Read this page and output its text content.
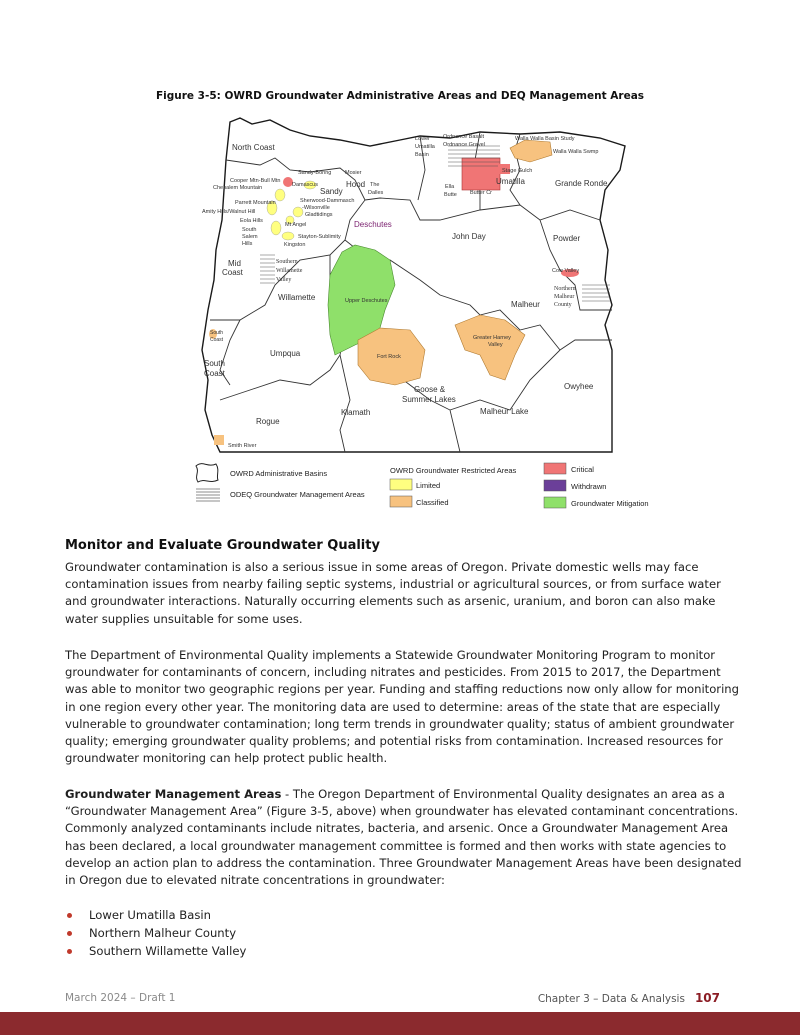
Figure 3-5: OWRD Groundwater Administrative Areas and DEQ Management Areas
North Coast
Lower
Umatilla
Basin
Ordnance Basalt
Ordnance Gravel
Walla Walla Basin Study
Walla Walla Swmp
Sandy-Boring Mosier
Cooper Mtn-Bull Mtn
Damascus
Chehalem Mountain	Sandy
Hood The
Dalles
Stage Gulch
Ella
Butte Butter Cr
Umatilla	Grande Ronde
Parrett Mountain	Sherwood-Dammasch
-Wilsonville
Amity Hills/Walnut Hill	Gladtidings
Eola Hills
Mt Angel	Deschutes
South
Salem
Hills
Stayton-Sublimity
Kingston
John Day	Powder
Mid
Coast
Southern
Willamette
Valley
Cow Valley
Willamette	Upper Deschutes
Northern
Malheur
County
Malheur
South
Coast	Greater Harney
Valley
Umpqua	Fort Rock
South
Coast
Owyhee
Goose &
Summer Lakes
Klamath	Malheur Lake
Rogue
Smith River
OWRD Administrative Basins
ODEQ Groundwater Management Areas
OWRD Groundwater Restricted Areas
Limited
Classified
Critical
Withdrawn
Groundwater Mitigation
Monitor and Evaluate Groundwater Quality
Groundwater contamination is also a serious issue in some areas of Oregon. Private domestic wells may face contamination issues from nearby failing septic systems, industrial or agricultural sources, or from surface water and groundwater interactions. Naturally occurring elements such as arsenic, uranium, and boron can also make water supplies unsuitable for some uses.
The Department of Environmental Quality implements a Statewide Groundwater Monitoring Program to monitor groundwater for contaminants of concern, including nitrates and pesticides. From 2015 to 2017, the Department was able to monitor two geographic regions per year. Funding and staffing reductions now only allow for monitoring in one region every other year. The monitoring data are used to determine: areas of the state that are especially vulnerable to groundwater contamination; long term trends in groundwater quality; status of ambient groundwater quality; emerging groundwater quality problems; and potential risks from contamination. Increased resources for groundwater monitoring can help protect public health.
Groundwater Management Areas - The Oregon Department of Environmental Quality designates an area as a “Groundwater Management Area” (Figure 3-5, above) when groundwater has elevated contaminant concentrations. Commonly analyzed contaminants include nitrates, bacteria, and arsenic. Once a Groundwater Management Area has been declared, a local groundwater management committee is formed and then works with state agencies to develop an action plan to address the contamination. Three Groundwater Management Areas have been designated in Oregon due to elevated nitrate concentrations in groundwater:
Lower Umatilla Basin
Northern Malheur County
Southern Willamette Valley
March 2024 – Draft 1	Chapter 3 – Data & Analysis 107
